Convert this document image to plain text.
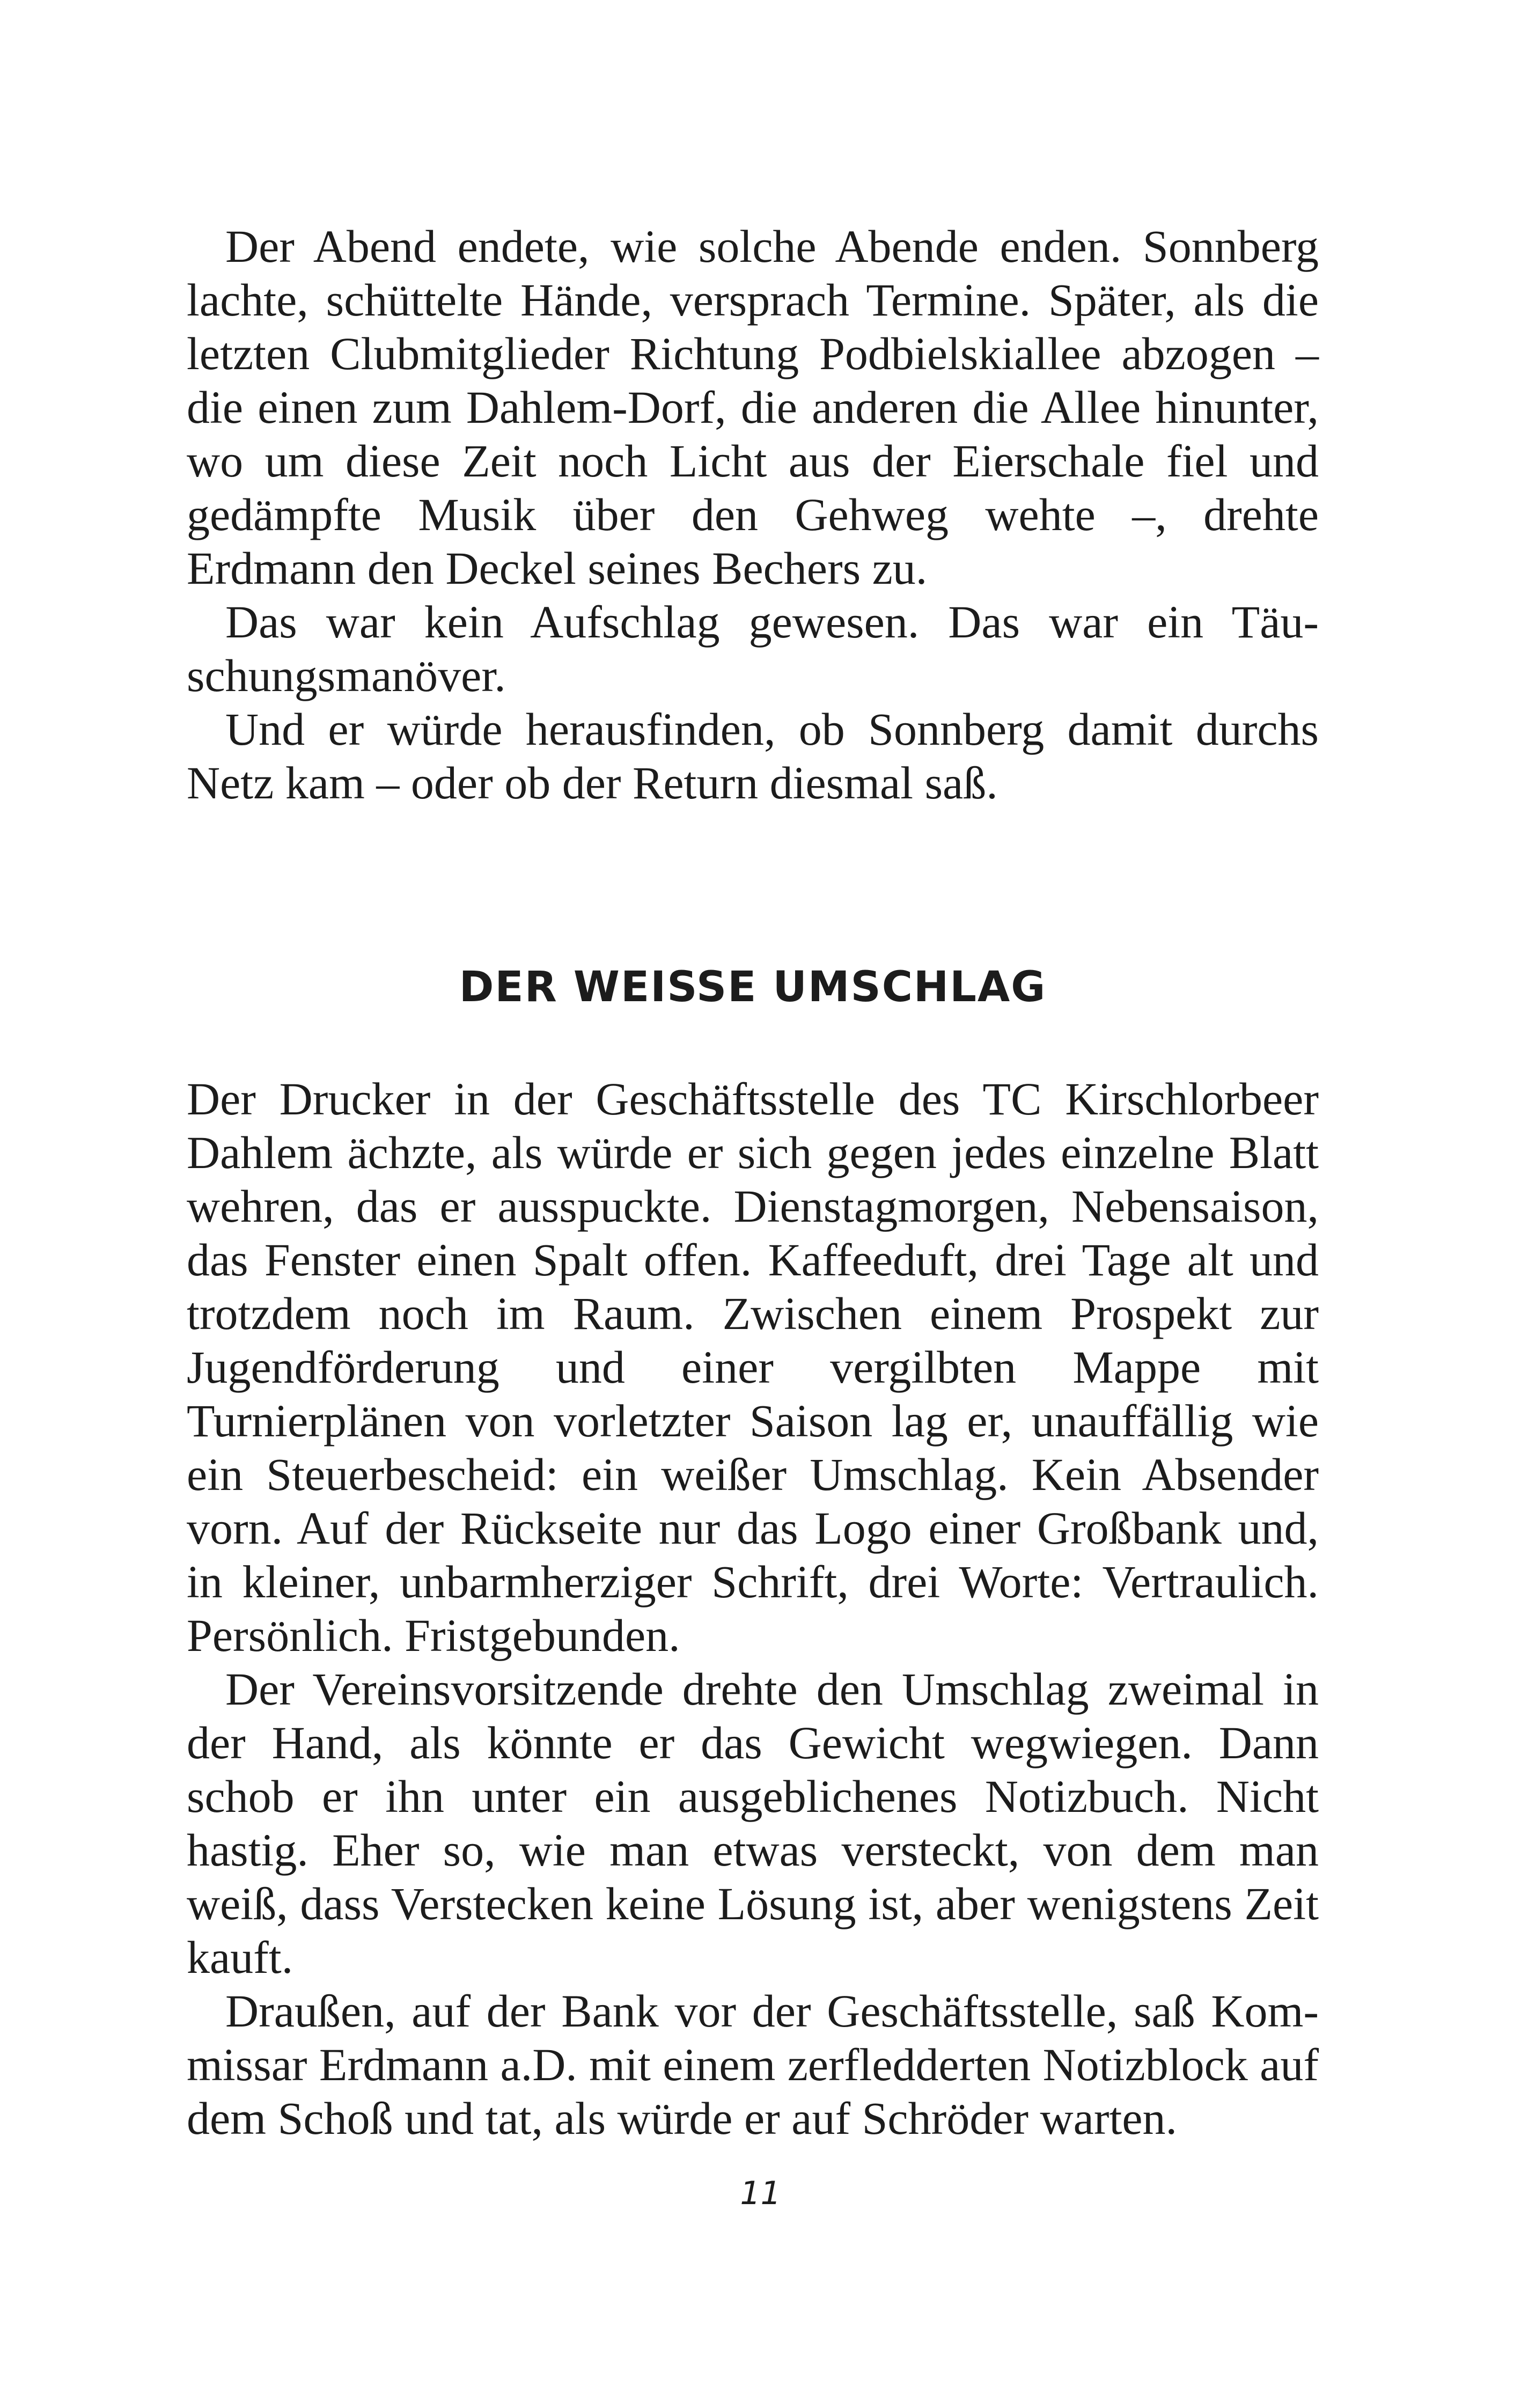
Der Abend endete, wie solche Abende enden. Sonnberg lachte, schüttelte Hände, versprach Termine. Später, als die letzten Clubmitglieder Richtung Podbielskiallee abzogen – die einen zum Dahlem-Dorf, die anderen die Allee hinunter, wo um diese Zeit noch Licht aus der Eierschale fiel und gedämpfte Musik über den Gehweg wehte –, drehte Erdmann den Deckel seines Bechers zu.

Das war kein Aufschlag gewesen. Das war ein Täuschungsmanöver.

Und er würde herausfinden, ob Sonnberg damit durchs Netz kam – oder ob der Return diesmal saß.

DER WEISSE UMSCHLAG

Der Drucker in der Geschäftsstelle des TC Kirschlorbeer Dahlem ächzte, als würde er sich gegen jedes einzelne Blatt wehren, das er ausspuckte. Dienstagmorgen, Nebensaison, das Fenster einen Spalt offen. Kaffeeduft, drei Tage alt und trotzdem noch im Raum. Zwischen einem Prospekt zur Jugendförderung und einer vergilbten Mappe mit Turnierplänen von vorletzter Saison lag er, unauffällig wie ein Steuerbescheid: ein weißer Umschlag. Kein Absender vorn. Auf der Rückseite nur das Logo einer Großbank und, in kleiner, unbarmherziger Schrift, drei Worte: Vertraulich. Persönlich. Fristgebunden.

Der Vereinsvorsitzende drehte den Umschlag zweimal in der Hand, als könnte er das Gewicht wegwiegen. Dann schob er ihn unter ein ausgeblichenes Notizbuch. Nicht hastig. Eher so, wie man etwas versteckt, von dem man weiß, dass Verstecken keine Lösung ist, aber wenigstens Zeit kauft.

Draußen, auf der Bank vor der Geschäftsstelle, saß Kommissar Erdmann a.D. mit einem zerfledderten Notizblock auf dem Schoß und tat, als würde er auf Schröder warten.

11
